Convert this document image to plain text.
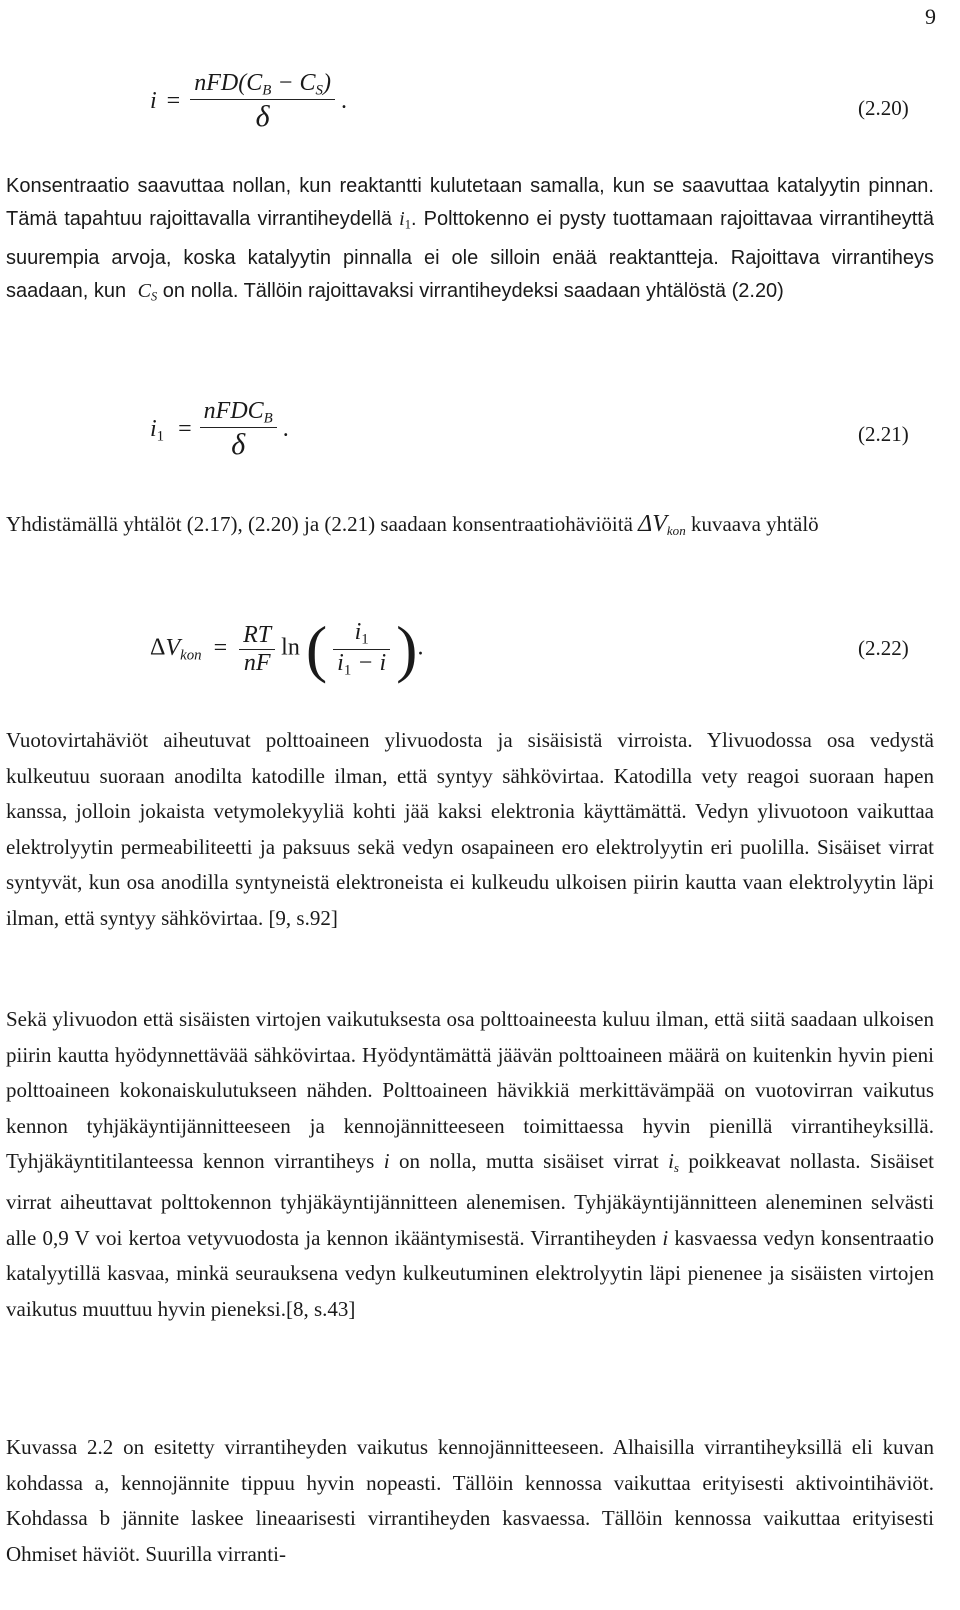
9
$i = \frac{nFD(C_B - C_S)}{\delta}$ .	(2.20)

Konsentraatio saavuttaa nollan, kun reaktantti kulutetaan samalla, kun se saavuttaa katalyytin pinnan. Tämä tapahtuu rajoittavalla virrantiheydellä $i_1$. Polttokenno ei pysty tuottamaan rajoittavaa virrantiheyttä suurempia arvoja, koska katalyytin pinnalla ei ole silloin enää reaktantteja. Rajoittava virrantiheys saadaan, kun $C_S$ on nolla. Tällöin rajoittavaksi virrantiheydeksi saadaan yhtälöstä (2.20)

$i_1 = \frac{nFDC_B}{\delta}$ .	(2.21)

Yhdistämällä yhtälöt (2.17), (2.20) ja (2.21) saadaan konsentraatiohäviöitä $\Delta V_{kon}$ kuvaava yhtälö

$\Delta V_{kon} = \frac{RT}{nF}$ ln ( $\frac{i_1}{i_1 - i}$ ).	(2.22)

Vuotovirtahäviöt aiheutuvat polttoaineen ylivuodosta ja sisäisistä virroista. Ylivuodossa osa vedystä kulkeutuu suoraan anodilta katodille ilman, että syntyy sähkövirtaa. Katodilla vety reagoi suoraan hapen kanssa, jolloin jokaista vetymolekyyliä kohti jää kaksi elektronia käyttämättä. Vedyn ylivuotoon vaikuttaa elektrolyytin permeabiliteetti ja paksuus sekä vedyn osapaineen ero elektrolyytin eri puolilla. Sisäiset virrat syntyvät, kun osa anodilla syntyneistä elektroneista ei kulkeudu ulkoisen piirin kautta vaan elektrolyytin läpi ilman, että syntyy sähkövirtaa. [9, s.92]

Sekä ylivuodon että sisäisten virtojen vaikutuksesta osa polttoaineesta kuluu ilman, että siitä saadaan ulkoisen piirin kautta hyödynnettävää sähkövirtaa. Hyödyntämättä jäävän polttoaineen määrä on kuitenkin hyvin pieni polttoaineen kokonaiskulutukseen nähden. Polttoaineen hävikkiä merkittävämpää on vuotovirran vaikutus kennon tyhjäkäyntijännitteeseen ja kennojännitteeseen toimittaessa hyvin pienillä virrantiheyksillä. Tyhjäkäyntitilanteessa kennon virrantiheys i on nolla, mutta sisäiset virrat $i_s$ poikkeavat nollasta. Sisäiset virrat aiheuttavat polttokennon tyhjäkäyntijännitteen alenemisen. Tyhjäkäyntijännitteen aleneminen selvästi alle 0,9 V voi kertoa vetyvuodosta ja kennon ikääntymisestä. Virrantiheyden i kasvaessa vedyn konsentraatio katalyytillä kasvaa, minkä seurauksena vedyn kulkeutuminen elektrolyytin läpi pienenee ja sisäisten virtojen vaikutus muuttuu hyvin pieneksi.[8, s.43]

Kuvassa 2.2 on esitetty virrantiheyden vaikutus kennojännitteeseen. Alhaisilla virrantiheyksillä eli kuvan kohdassa a, kennojännite tippuu hyvin nopeasti. Tällöin kennossa vaikuttaa erityisesti aktivointihäviöt. Kohdassa b jännite laskee lineaarisesti virrantiheyden kasvaessa. Tällöin kennossa vaikuttaa erityisesti Ohmiset häviöt. Suurilla virranti-
